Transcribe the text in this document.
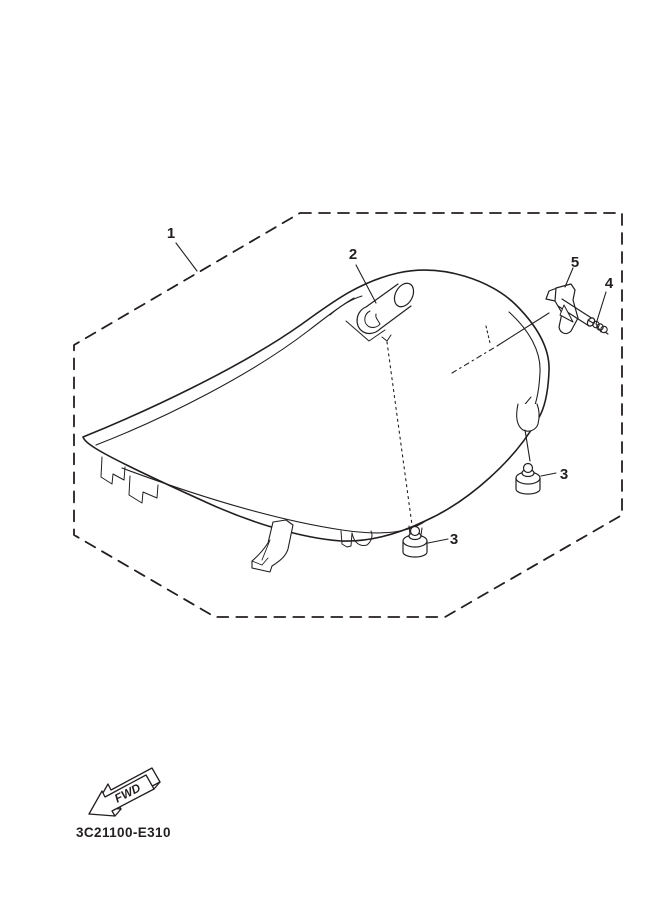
1
2
3
3
4
5
FWD
3C21100-E310
